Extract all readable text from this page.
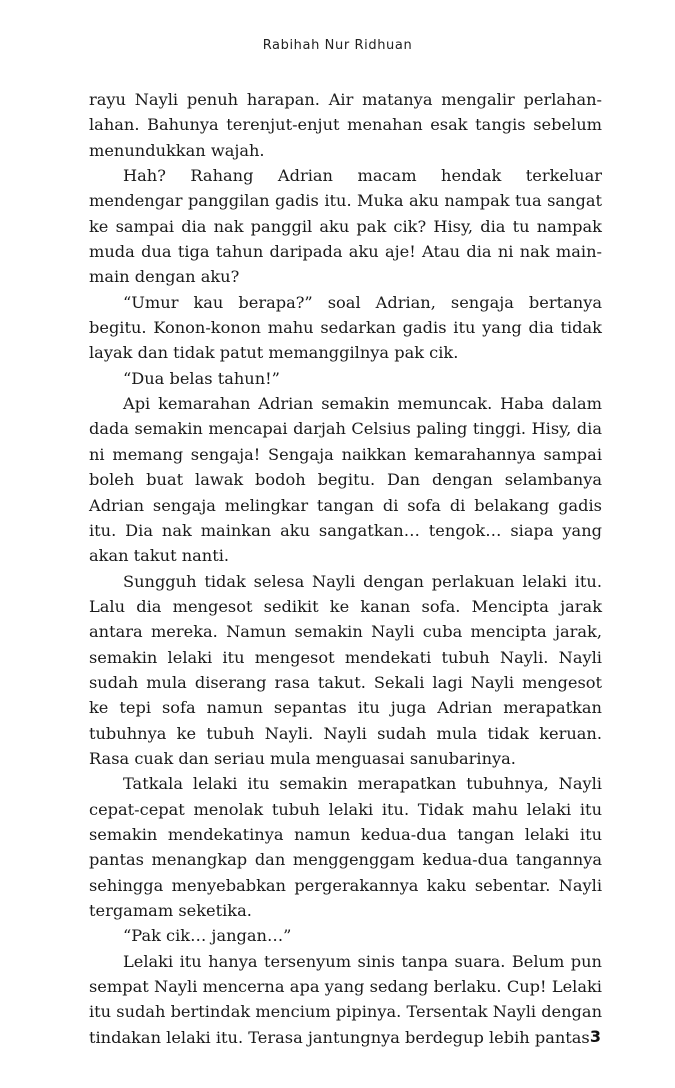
Rabihah Nur Ridhuan

rayu Nayli penuh harapan. Air matanya mengalir perlahan-lahan. Bahunya terenjut-enjut menahan esak tangis sebelum menundukkan wajah.

Hah? Rahang Adrian macam hendak terkeluar mendengar panggilan gadis itu. Muka aku nampak tua sangat ke sampai dia nak panggil aku pak cik? Hisy, dia tu nampak muda dua tiga tahun daripada aku aje! Atau dia ni nak main-main dengan aku?

“Umur kau berapa?” soal Adrian, sengaja bertanya begitu. Konon-konon mahu sedarkan gadis itu yang dia tidak layak dan tidak patut memanggilnya pak cik.

“Dua belas tahun!”

Api kemarahan Adrian semakin memuncak. Haba dalam dada semakin mencapai darjah Celsius paling tinggi. Hisy, dia ni memang sengaja! Sengaja naikkan kemarahannya sampai boleh buat lawak bodoh begitu. Dan dengan selambanya Adrian sengaja melingkar tangan di sofa di belakang gadis itu. Dia nak mainkan aku sangatkan… tengok… siapa yang akan takut nanti.

Sungguh tidak selesa Nayli dengan perlakuan lelaki itu. Lalu dia mengesot sedikit ke kanan sofa. Mencipta jarak antara mereka. Namun semakin Nayli cuba mencipta jarak, semakin lelaki itu mengesot mendekati tubuh Nayli. Nayli sudah mula diserang rasa takut. Sekali lagi Nayli mengesot ke tepi sofa namun sepantas itu juga Adrian merapatkan tubuhnya ke tubuh Nayli. Nayli sudah mula tidak keruan. Rasa cuak dan seriau mula menguasai sanubarinya.

Tatkala lelaki itu semakin merapatkan tubuhnya, Nayli cepat-cepat menolak tubuh lelaki itu. Tidak mahu lelaki itu semakin mendekatinya namun kedua-dua tangan lelaki itu pantas menangkap dan menggenggam kedua-dua tangannya sehingga menyebabkan pergerakannya kaku sebentar. Nayli tergamam seketika.

“Pak cik… jangan…”

Lelaki itu hanya tersenyum sinis tanpa suara. Belum pun sempat Nayli mencerna apa yang sedang berlaku. Cup! Lelaki itu sudah bertindak mencium pipinya. Tersentak Nayli dengan tindakan lelaki itu. Terasa jantungnya berdegup lebih pantas 3
